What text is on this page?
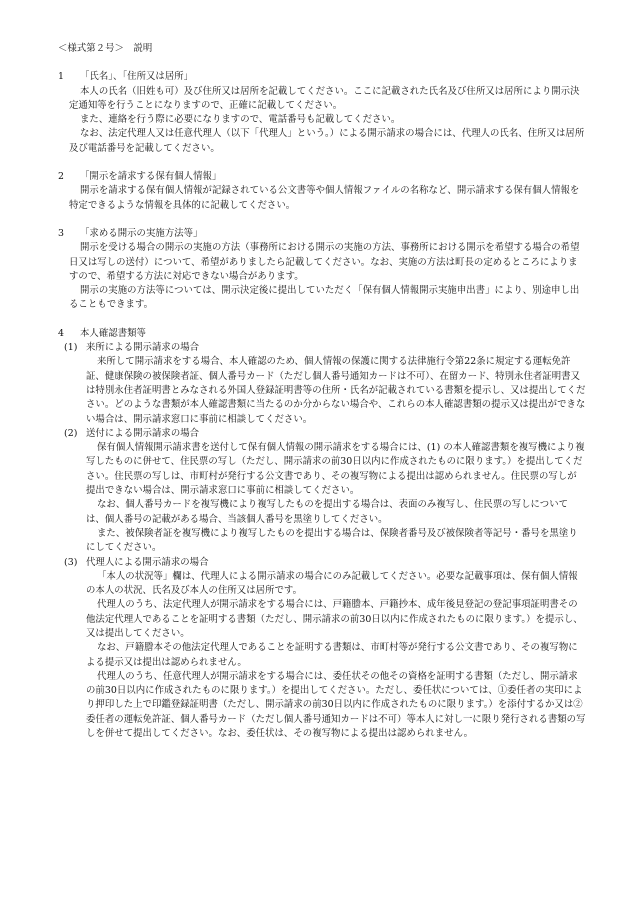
＜様式第２号＞　説明
1 「氏名」、「住所又は居所」

本人の氏名（旧姓も可）及び住所又は居所を記載してください。ここに記載された氏名及び住所又は居所により開示決定通知等を行うことになりますので、正確に記載してください。

また、連絡を行う際に必要になりますので、電話番号も記載してください。

なお、法定代理人又は任意代理人（以下「代理人」という。）による開示請求の場合には、代理人の氏名、住所又は居所及び電話番号を記載してください。

2 「開示を請求する保有個人情報」

開示を請求する保有個人情報が記録されている公文書等や個人情報ファイルの名称など、開示請求する保有個人情報を特定できるような情報を具体的に記載してください。

3 「求める開示の実施方法等」

開示を受ける場合の開示の実施の方法（事務所における開示の実施の方法、事務所における開示を希望する場合の希望日又は写しの送付）について、希望がありましたら記載してください。なお、実施の方法は町長の定めるところによりますので、希望する方法に対応できない場合があります。

開示の実施の方法等については、開示決定後に提出していただく「保有個人情報開示実施申出書」により、別途申し出ることもできます。

4 本人確認書類等
(1) 来所による開示請求の場合

来所して開示請求をする場合、本人確認のため、個人情報の保護に関する法律施行令第22条に規定する運転免許証、健康保険の被保険者証、個人番号カード（ただし個人番号通知カードは不可）、在留カード、特別永住者証明書又は特別永住者証明書とみなされる外国人登録証明書等の住所・氏名が記載されている書類を提示し、又は提出してください。どのような書類が本人確認書類に当たるのか分からない場合や、これらの本人確認書類の提示又は提出ができない場合は、開示請求窓口に事前に相談してください。

(2) 送付による開示請求の場合

保有個人情報開示請求書を送付して保有個人情報の開示請求をする場合には、(1) の本人確認書類を複写機により複写したものに併せて、住民票の写し（ただし、開示請求の前30日以内に作成されたものに限ります。）を提出してください。住民票の写しは、市町村が発行する公文書であり、その複写物による提出は認められません。住民票の写しが提出できない場合は、開示請求窓口に事前に相談してください。

なお、個人番号カードを複写機により複写したものを提出する場合は、表面のみ複写し、住民票の写しについては、個人番号の記載がある場合、当該個人番号を黒塗りしてください。

また、被保険者証を複写機により複写したものを提出する場合は、保険者番号及び被保険者等記号・番号を黒塗りにしてください。

(3) 代理人による開示請求の場合

「本人の状況等」欄は、代理人による開示請求の場合にのみ記載してください。必要な記載事項は、保有個人情報の本人の状況、氏名及び本人の住所又は居所です。

代理人のうち、法定代理人が開示請求をする場合には、戸籍謄本、戸籍抄本、成年後見登記の登記事項証明書その他法定代理人であることを証明する書類（ただし、開示請求の前30日以内に作成されたものに限ります。）を提示し、又は提出してください。

なお、戸籍謄本その他法定代理人であることを証明する書類は、市町村等が発行する公文書であり、その複写物による提示又は提出は認められません。

代理人のうち、任意代理人が開示請求をする場合には、委任状その他その資格を証明する書類（ただし、開示請求の前30日以内に作成されたものに限ります。）を提出してください。ただし、委任状については、①委任者の実印により押印した上で印鑑登録証明書（ただし、開示請求の前30日以内に作成されたものに限ります。）を添付するか又は②委任者の運転免許証、個人番号カード（ただし個人番号通知カードは不可）等本人に対し一に限り発行される書類の写しを併せて提出してください。なお、委任状は、その複写物による提出は認められません。
